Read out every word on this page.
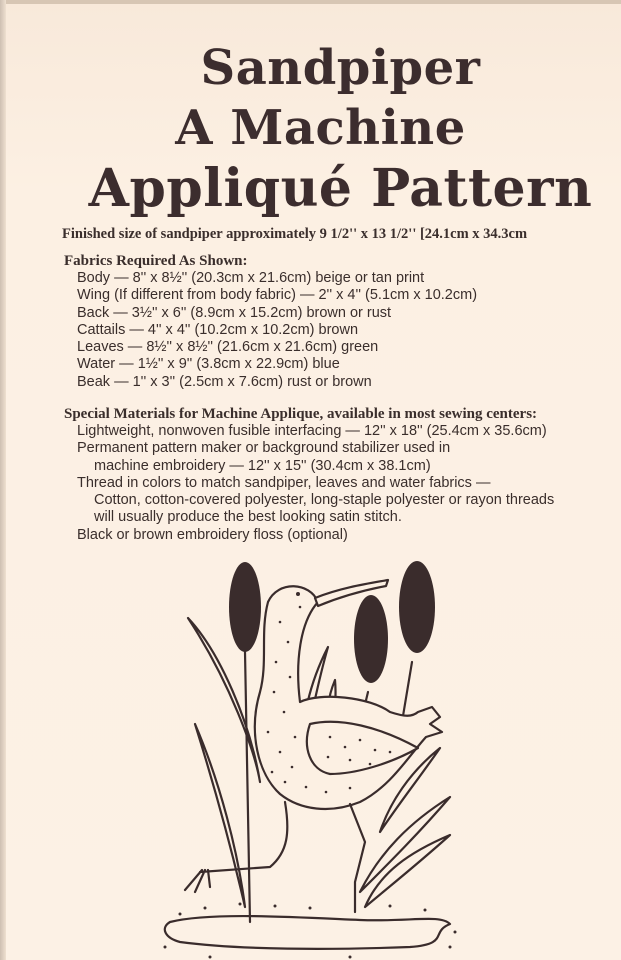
Sandpiper
A Machine
Appliqué Pattern
Finished size of sandpiper approximately 9 1/2'' x 13 1/2'' [24.1cm x 34.3cm
Fabrics Required As Shown:
Body — 8'' x 8½'' (20.3cm x 21.6cm) beige or tan print
Wing (If different from body fabric) — 2'' x 4'' (5.1cm x 10.2cm)
Back — 3½'' x 6'' (8.9cm x 15.2cm) brown or rust
Cattails — 4'' x 4'' (10.2cm x 10.2cm) brown
Leaves — 8½'' x 8½'' (21.6cm x 21.6cm) green
Water — 1½'' x 9'' (3.8cm x 22.9cm) blue
Beak — 1'' x 3'' (2.5cm x 7.6cm) rust or brown
Special Materials for Machine Applique, available in most sewing centers:
Lightweight, nonwoven fusible interfacing — 12'' x 18'' (25.4cm x 35.6cm)
Permanent pattern maker or background stabilizer used in
machine embroidery — 12'' x 15'' (30.4cm x 38.1cm)
Thread in colors to match sandpiper, leaves and water fabrics —
Cotton, cotton-covered polyester, long-staple polyester or rayon threads
will usually produce the best looking satin stitch.
Black or brown embroidery floss (optional)
